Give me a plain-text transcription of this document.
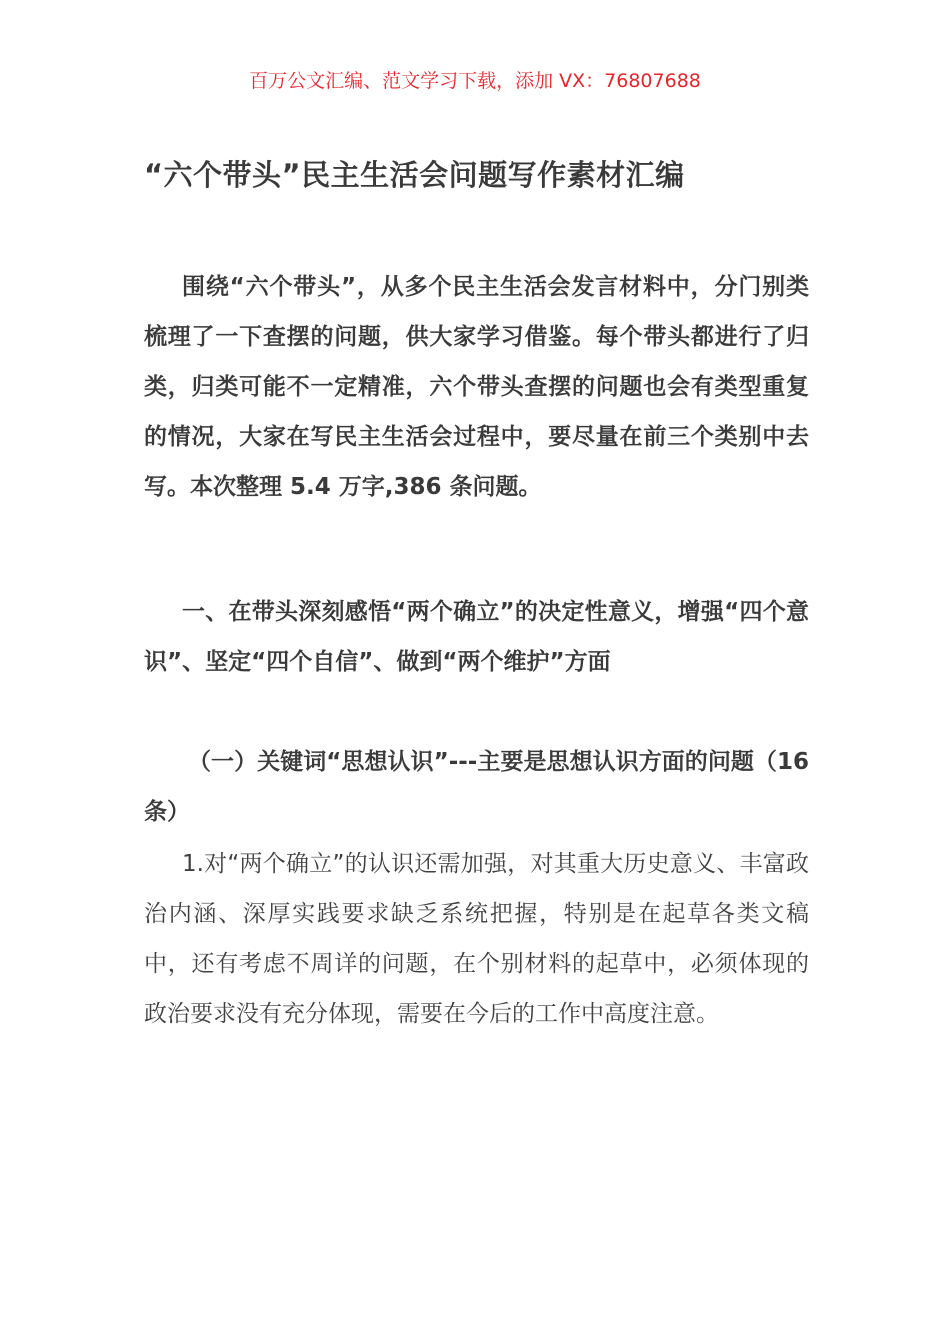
百万公文汇编、范文学习下载，添加 VX：76807688
“六个带头”民主生活会问题写作素材汇编

围绕“六个带头”，从多个民主生活会发言材料中，分门别类梳理了一下查摆的问题，供大家学习借鉴。每个带头都进行了归类，归类可能不一定精准，六个带头查摆的问题也会有类型重复的情况，大家在写民主生活会过程中，要尽量在前三个类别中去写。本次整理 5.4 万字,386 条问题。

一、在带头深刻感悟“两个确立”的决定性意义，增强“四个意识”、坚定“四个自信”、做到“两个维护”方面

（一）关键词“思想认识”---主要是思想认识方面的问题（16 条）

1.对“两个确立”的认识还需加强，对其重大历史意义、丰富政治内涵、深厚实践要求缺乏系统把握，特别是在起草各类文稿中，还有考虑不周详的问题，在个别材料的起草中，必须体现的政治要求没有充分体现，需要在今后的工作中高度注意。
